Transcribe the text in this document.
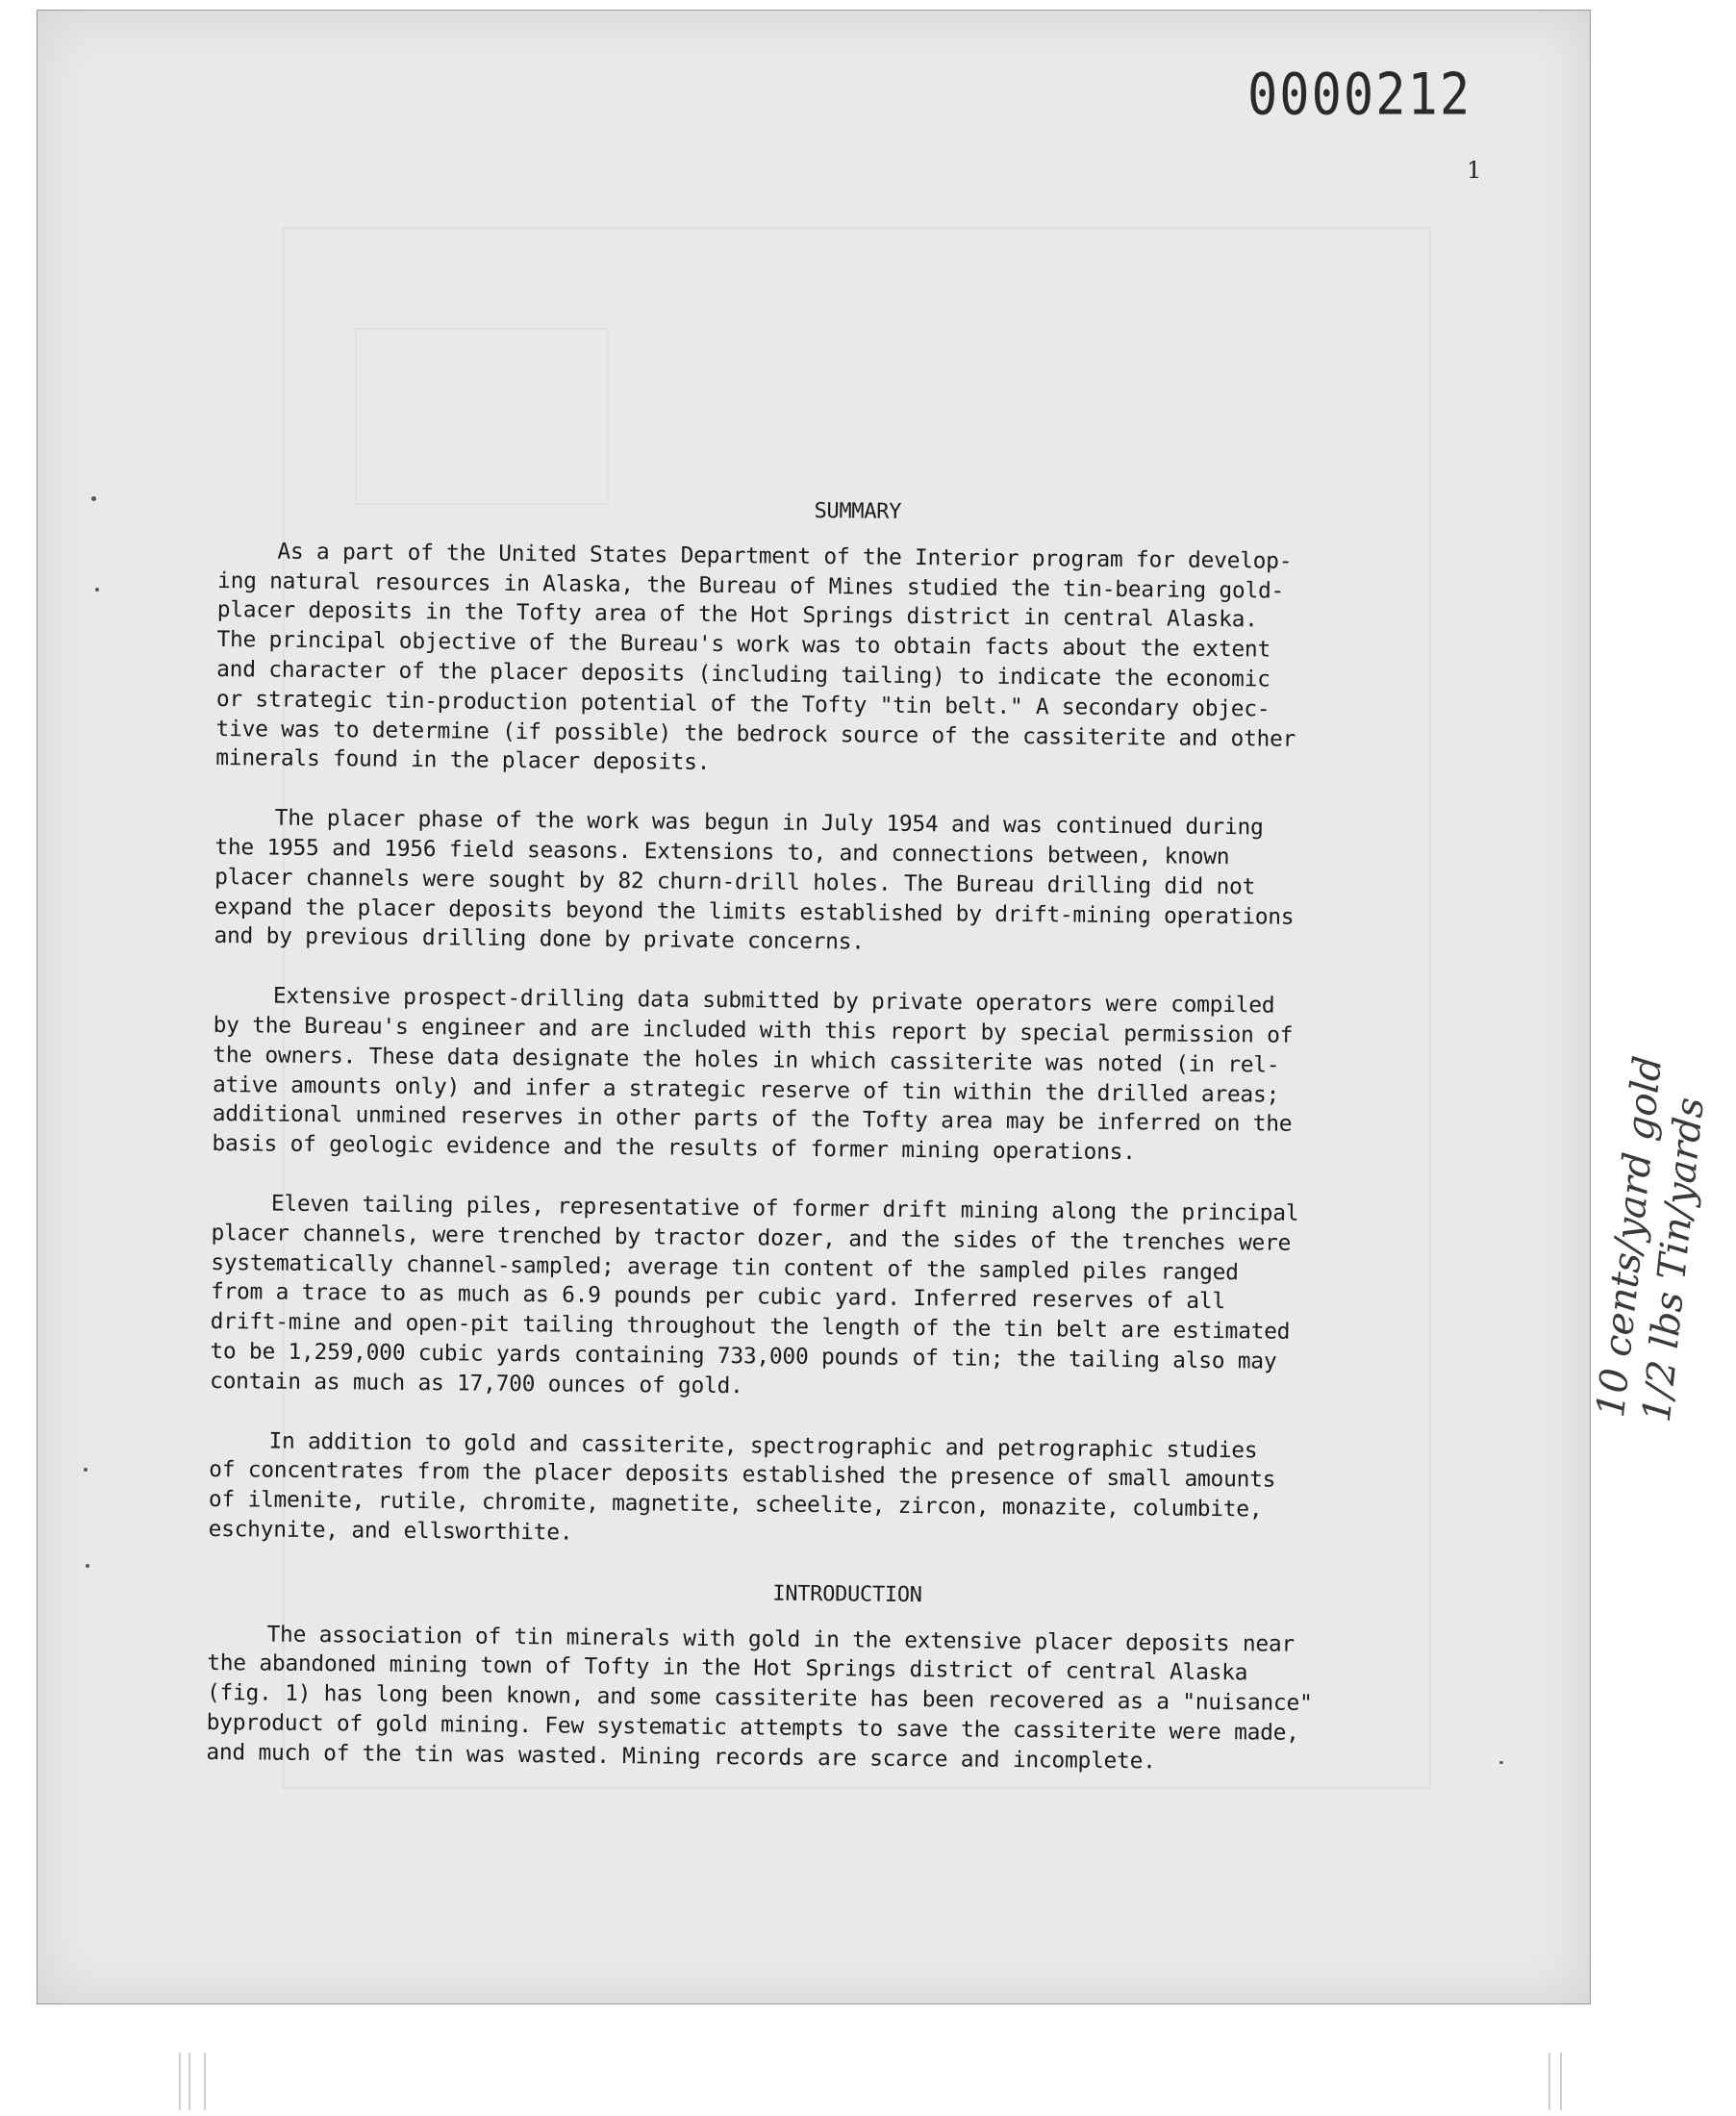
0000212
1
SUMMARY
As a part of the United States Department of the Interior program for develop-
ing natural resources in Alaska, the Bureau of Mines studied the tin-bearing gold-
placer deposits in the Tofty area of the Hot Springs district in central Alaska.
The principal objective of the Bureau's work was to obtain facts about the extent
and character of the placer deposits (including tailing) to indicate the economic
or strategic tin-production potential of the Tofty "tin belt." A secondary objec-
tive was to determine (if possible) the bedrock source of the cassiterite and other
minerals found in the placer deposits.
The placer phase of the work was begun in July 1954 and was continued during
the 1955 and 1956 field seasons. Extensions to, and connections between, known
placer channels were sought by 82 churn-drill holes. The Bureau drilling did not
expand the placer deposits beyond the limits established by drift-mining operations
and by previous drilling done by private concerns.
Extensive prospect-drilling data submitted by private operators were compiled
by the Bureau's engineer and are included with this report by special permission of
the owners. These data designate the holes in which cassiterite was noted (in rel-
ative amounts only) and infer a strategic reserve of tin within the drilled areas;
additional unmined reserves in other parts of the Tofty area may be inferred on the
basis of geologic evidence and the results of former mining operations.
Eleven tailing piles, representative of former drift mining along the principal
placer channels, were trenched by tractor dozer, and the sides of the trenches were
systematically channel-sampled; average tin content of the sampled piles ranged
from a trace to as much as 6.9 pounds per cubic yard. Inferred reserves of all
drift-mine and open-pit tailing throughout the length of the tin belt are estimated
to be 1,259,000 cubic yards containing 733,000 pounds of tin; the tailing also may
contain as much as 17,700 ounces of gold.
In addition to gold and cassiterite, spectrographic and petrographic studies
of concentrates from the placer deposits established the presence of small amounts
of ilmenite, rutile, chromite, magnetite, scheelite, zircon, monazite, columbite,
eschynite, and ellsworthite.
INTRODUCTION
The association of tin minerals with gold in the extensive placer deposits near
the abandoned mining town of Tofty in the Hot Springs district of central Alaska
(fig. 1) has long been known, and some cassiterite has been recovered as a "nuisance"
byproduct of gold mining. Few systematic attempts to save the cassiterite were made,
and much of the tin was wasted. Mining records are scarce and incomplete.
10 cents/yard gold
1/2 lbs Tin/yards
